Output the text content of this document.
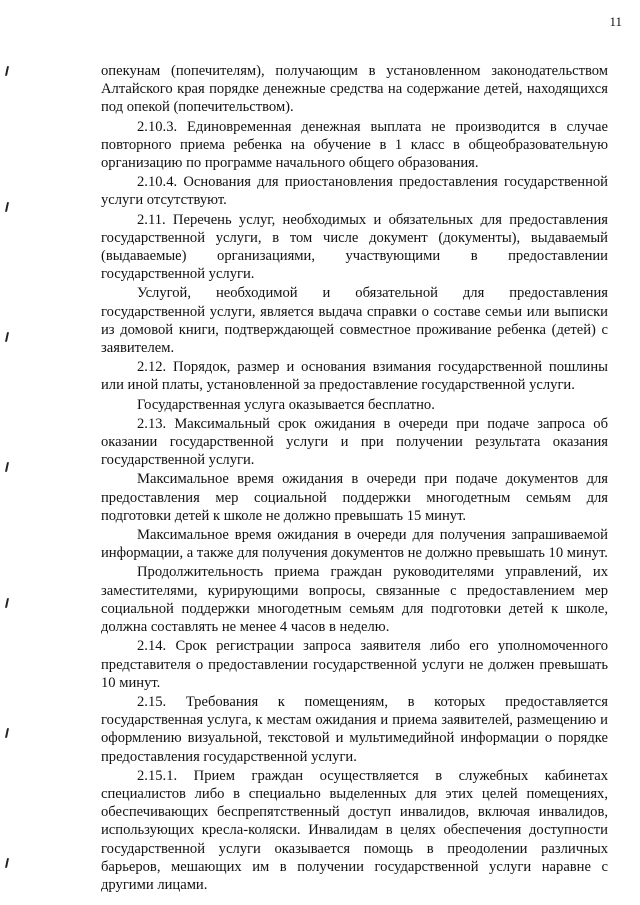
11

опекунам (попечителям), получающим в установленном законодательством Алтайского края порядке денежные средства на содержание детей, находящихся под опекой (попечительством).

2.10.3. Единовременная денежная выплата не производится в случае повторного приема ребенка на обучение в 1 класс в общеобразовательную организацию по программе начального общего образования.

2.10.4. Основания для приостановления предоставления государственной услуги отсутствуют.

2.11. Перечень услуг, необходимых и обязательных для предоставления государственной услуги, в том числе документ (документы), выдаваемый (выдаваемые) организациями, участвующими в предоставлении государственной услуги.

Услугой, необходимой и обязательной для предоставления государственной услуги, является выдача справки о составе семьи или выписки из домовой книги, подтверждающей совместное проживание ребенка (детей) с заявителем.

2.12. Порядок, размер и основания взимания государственной пошлины или иной платы, установленной за предоставление государственной услуги.

Государственная услуга оказывается бесплатно.

2.13. Максимальный срок ожидания в очереди при подаче запроса об оказании государственной услуги и при получении результата оказания государственной услуги.

Максимальное время ожидания в очереди при подаче документов для предоставления мер социальной поддержки многодетным семьям для подготовки детей к школе не должно превышать 15 минут.

Максимальное время ожидания в очереди для получения запрашиваемой информации, а также для получения документов не должно превышать 10 минут.

Продолжительность приема граждан руководителями управлений, их заместителями, курирующими вопросы, связанные с предоставлением мер социальной поддержки многодетным семьям для подготовки детей к школе, должна составлять не менее 4 часов в неделю.

2.14. Срок регистрации запроса заявителя либо его уполномоченного представителя о предоставлении государственной услуги не должен превышать 10 минут.

2.15. Требования к помещениям, в которых предоставляется государственная услуга, к местам ожидания и приема заявителей, размещению и оформлению визуальной, текстовой и мультимедийной информации о порядке предоставления государственной услуги.

2.15.1. Прием граждан осуществляется в служебных кабинетах специалистов либо в специально выделенных для этих целей помещениях, обеспечивающих беспрепятственный доступ инвалидов, включая инвалидов, использующих кресла-коляски. Инвалидам в целях обеспечения доступности государственной услуги оказывается помощь в преодолении различных барьеров, мешающих им в получении государственной услуги наравне с другими лицами.
